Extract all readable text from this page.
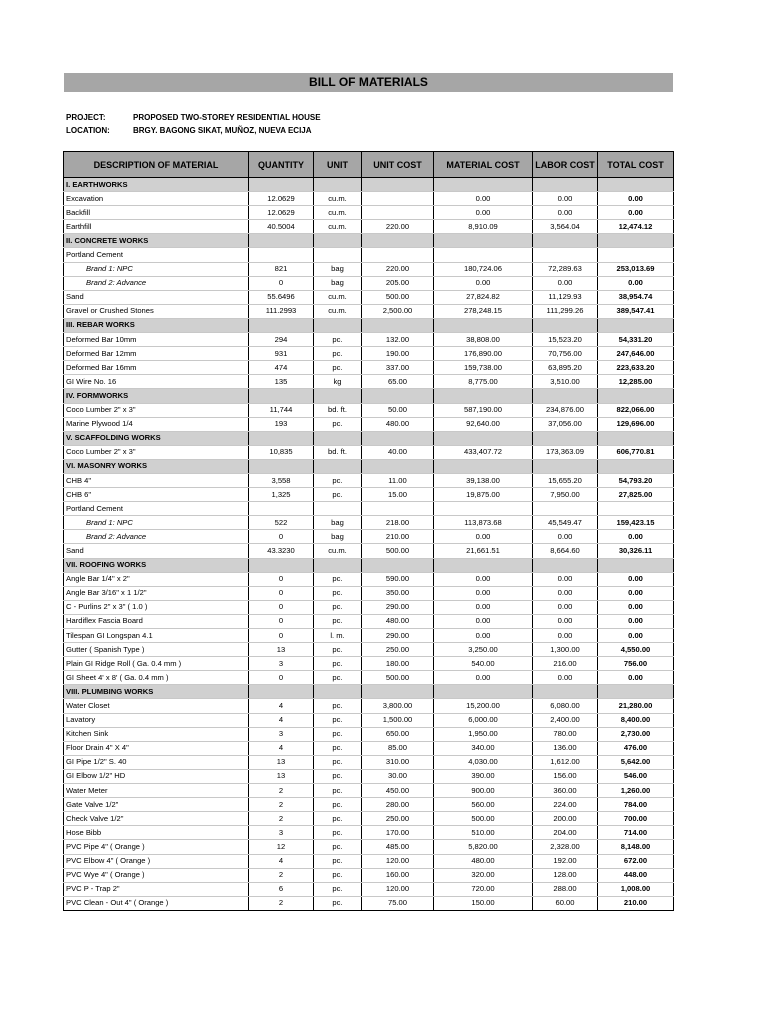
BILL OF MATERIALS
PROJECT:	PROPOSED TWO-STOREY RESIDENTIAL HOUSE
LOCATION:	BRGY. BAGONG SIKAT, MUÑOZ, NUEVA ECIJA
DESCRIPTION OF MATERIAL	QUANTITY	UNIT	UNIT COST	MATERIAL COST	LABOR COST	TOTAL COST
I. EARTHWORKS						
Excavation	12.0629	cu.m.		0.00	0.00	0.00
Backfill	12.0629	cu.m.		0.00	0.00	0.00
Earthfill	40.5004	cu.m.	220.00	8,910.09	3,564.04	12,474.12
II. CONCRETE WORKS						
Portland Cement						
Brand 1: NPC	821	bag	220.00	180,724.06	72,289.63	253,013.69
Brand 2: Advance	0	bag	205.00	0.00	0.00	0.00
Sand	55.6496	cu.m.	500.00	27,824.82	11,129.93	38,954.74
Gravel or Crushed Stones	111.2993	cu.m.	2,500.00	278,248.15	111,299.26	389,547.41
III. REBAR WORKS						
Deformed Bar 10mm	294	pc.	132.00	38,808.00	15,523.20	54,331.20
Deformed Bar 12mm	931	pc.	190.00	176,890.00	70,756.00	247,646.00
Deformed Bar 16mm	474	pc.	337.00	159,738.00	63,895.20	223,633.20
GI Wire No. 16	135	kg	65.00	8,775.00	3,510.00	12,285.00
IV. FORMWORKS						
Coco Lumber 2" x 3"	11,744	bd. ft.	50.00	587,190.00	234,876.00	822,066.00
Marine Plywood 1/4	193	pc.	480.00	92,640.00	37,056.00	129,696.00
V. SCAFFOLDING WORKS						
Coco Lumber 2" x 3"	10,835	bd. ft.	40.00	433,407.72	173,363.09	606,770.81
VI. MASONRY WORKS						
CHB 4"	3,558	pc.	11.00	39,138.00	15,655.20	54,793.20
CHB 6"	1,325	pc.	15.00	19,875.00	7,950.00	27,825.00
Portland Cement						
Brand 1: NPC	522	bag	218.00	113,873.68	45,549.47	159,423.15
Brand 2: Advance	0	bag	210.00	0.00	0.00	0.00
Sand	43.3230	cu.m.	500.00	21,661.51	8,664.60	30,326.11
VII. ROOFING WORKS						
Angle Bar 1/4" x 2"	0	pc.	590.00	0.00	0.00	0.00
Angle Bar 3/16" x 1 1/2"	0	pc.	350.00	0.00	0.00	0.00
C - Purlins 2" x 3" ( 1.0 )	0	pc.	290.00	0.00	0.00	0.00
Hardiflex Fascia Board	0	pc.	480.00	0.00	0.00	0.00
Tilespan GI Longspan 4.1	0	l. m.	290.00	0.00	0.00	0.00
Gutter ( Spanish Type )	13	pc.	250.00	3,250.00	1,300.00	4,550.00
Plain GI Ridge Roll ( Ga. 0.4 mm )	3	pc.	180.00	540.00	216.00	756.00
GI Sheet 4' x 8' ( Ga. 0.4 mm )	0	pc.	500.00	0.00	0.00	0.00
VIII. PLUMBING WORKS						
Water Closet	4	pc.	3,800.00	15,200.00	6,080.00	21,280.00
Lavatory	4	pc.	1,500.00	6,000.00	2,400.00	8,400.00
Kitchen Sink	3	pc.	650.00	1,950.00	780.00	2,730.00
Floor Drain 4" X 4"	4	pc.	85.00	340.00	136.00	476.00
GI Pipe 1/2" S. 40	13	pc.	310.00	4,030.00	1,612.00	5,642.00
GI Elbow 1/2" HD	13	pc.	30.00	390.00	156.00	546.00
Water Meter	2	pc.	450.00	900.00	360.00	1,260.00
Gate Valve 1/2"	2	pc.	280.00	560.00	224.00	784.00
Check Valve 1/2"	2	pc.	250.00	500.00	200.00	700.00
Hose Bibb	3	pc.	170.00	510.00	204.00	714.00
PVC Pipe 4" ( Orange )	12	pc.	485.00	5,820.00	2,328.00	8,148.00
PVC Elbow 4" ( Orange )	4	pc.	120.00	480.00	192.00	672.00
PVC Wye 4" ( Orange )	2	pc.	160.00	320.00	128.00	448.00
PVC P - Trap 2"	6	pc.	120.00	720.00	288.00	1,008.00
PVC Clean - Out 4" ( Orange )	2	pc.	75.00	150.00	60.00	210.00
